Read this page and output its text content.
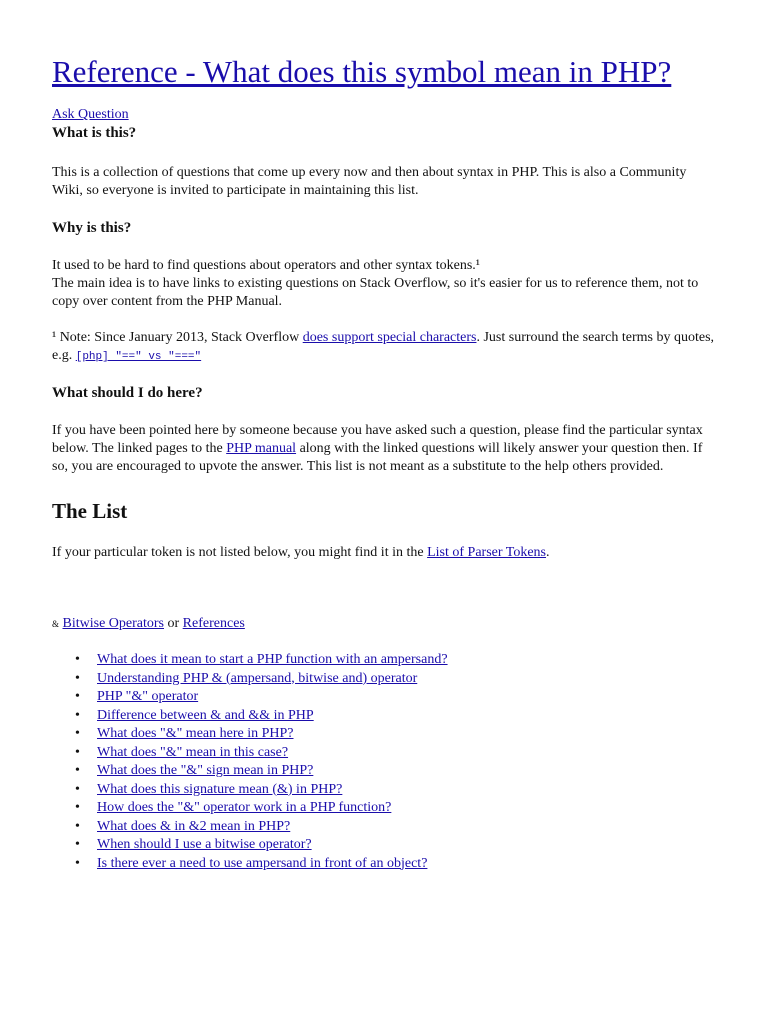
Reference - What does this symbol mean in PHP?
Ask Question
What is this?

This is a collection of questions that come up every now and then about syntax in PHP. This is also a Community Wiki, so everyone is invited to participate in maintaining this list.

Why is this?

It used to be hard to find questions about operators and other syntax tokens.¹
The main idea is to have links to existing questions on Stack Overflow, so it's easier for us to reference them, not to copy over content from the PHP Manual.

¹ Note: Since January 2013, Stack Overflow does support special characters. Just surround the search terms by quotes, e.g. [php] "==" vs "==="

What should I do here?

If you have been pointed here by someone because you have asked such a question, please find the particular syntax below. The linked pages to the PHP manual along with the linked questions will likely answer your question then. If so, you are encouraged to upvote the answer. This list is not meant as a substitute to the help others provided.

The List

If your particular token is not listed below, you might find it in the List of Parser Tokens.

& Bitwise Operators or References
• What does it mean to start a PHP function with an ampersand?
• Understanding PHP & (ampersand, bitwise and) operator
• PHP "&" operator
• Difference between & and && in PHP
• What does "&" mean here in PHP?
• What does "&" mean in this case?
• What does the "&" sign mean in PHP?
• What does this signature mean (&) in PHP?
• How does the "&" operator work in a PHP function?
• What does & in &2 mean in PHP?
• When should I use a bitwise operator?
• Is there ever a need to use ampersand in front of an object?
